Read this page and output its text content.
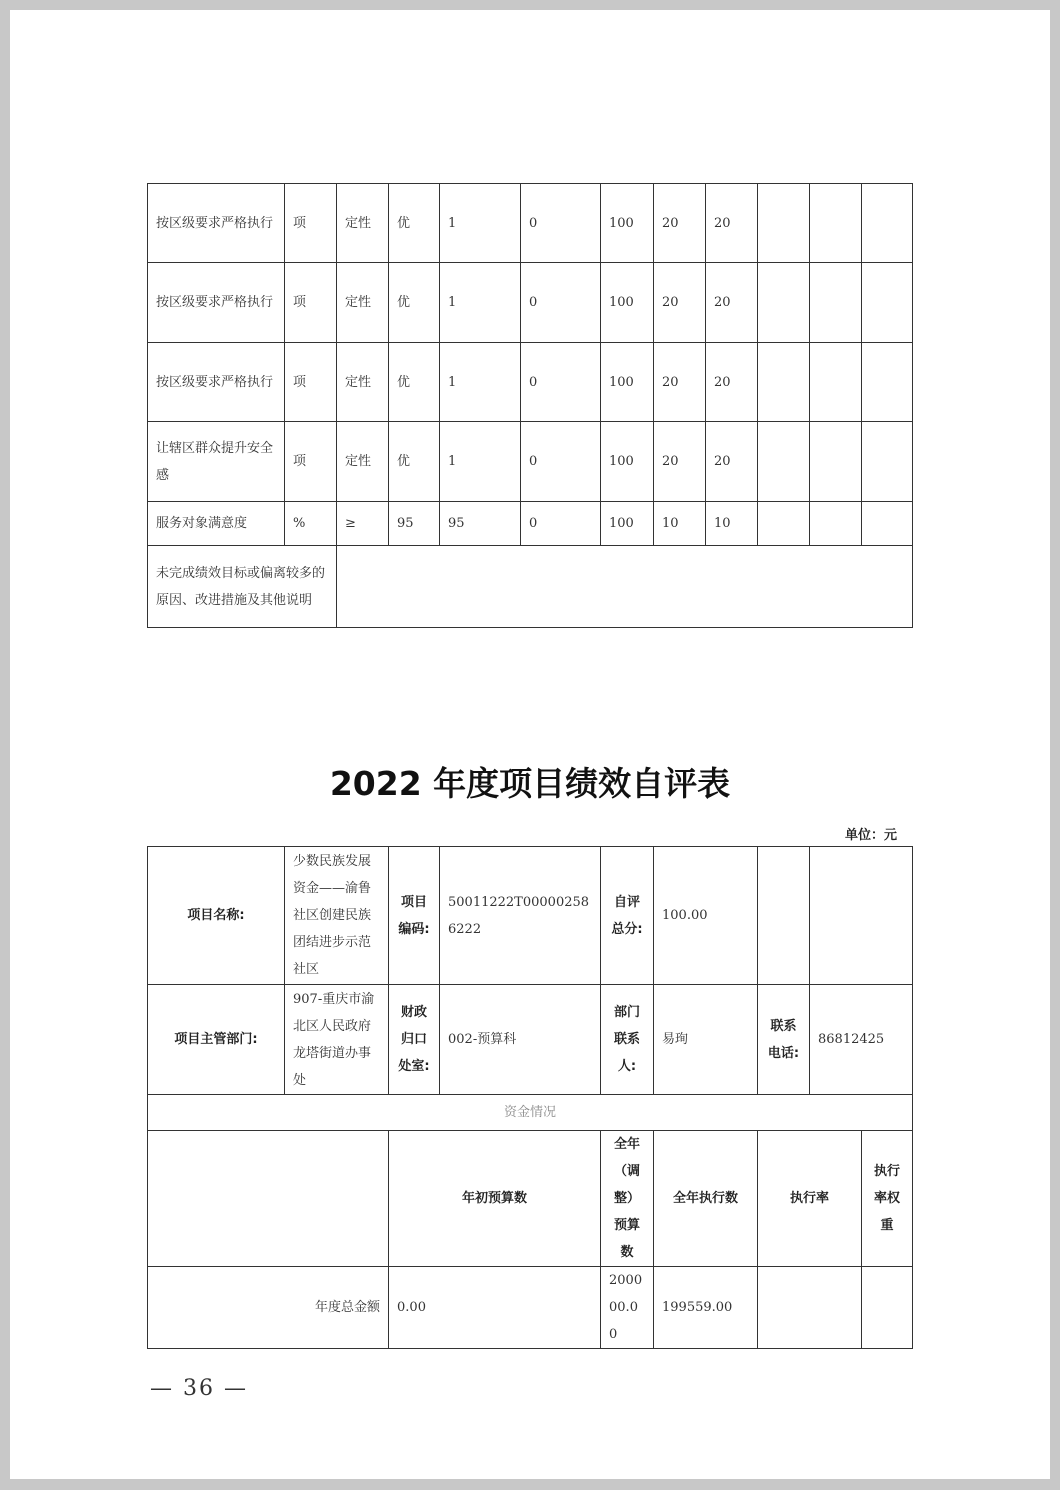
按区级要求严格执行	项	定性	优	1	0	100	20	20			
按区级要求严格执行	项	定性	优	1	0	100	20	20			
按区级要求严格执行	项	定性	优	1	0	100	20	20			
让辖区群众提升安全感	项	定性	优	1	0	100	20	20			
服务对象满意度	%	≥	95	95	0	100	10	10			
未完成绩效目标或偏离较多的原因、改进措施及其他说明											
2022 年度项目绩效自评表
单位：元
项目名称:	少数民族发展资金——渝鲁社区创建民族团结进步示范社区	项目编码:	50011222T000002586222	自评总分:	100.00				
项目主管部门:	907-重庆市渝北区人民政府龙塔街道办事处	财政归口处室:	002-预算科	部门联系人:	易珣	联系电话:	86812425		
资金情况									
		年初预算数		全年（调整）预算数	全年执行数	执行率		执行率权重	
年度总金额		0.00		200000.00	199559.00				
— 36 —
